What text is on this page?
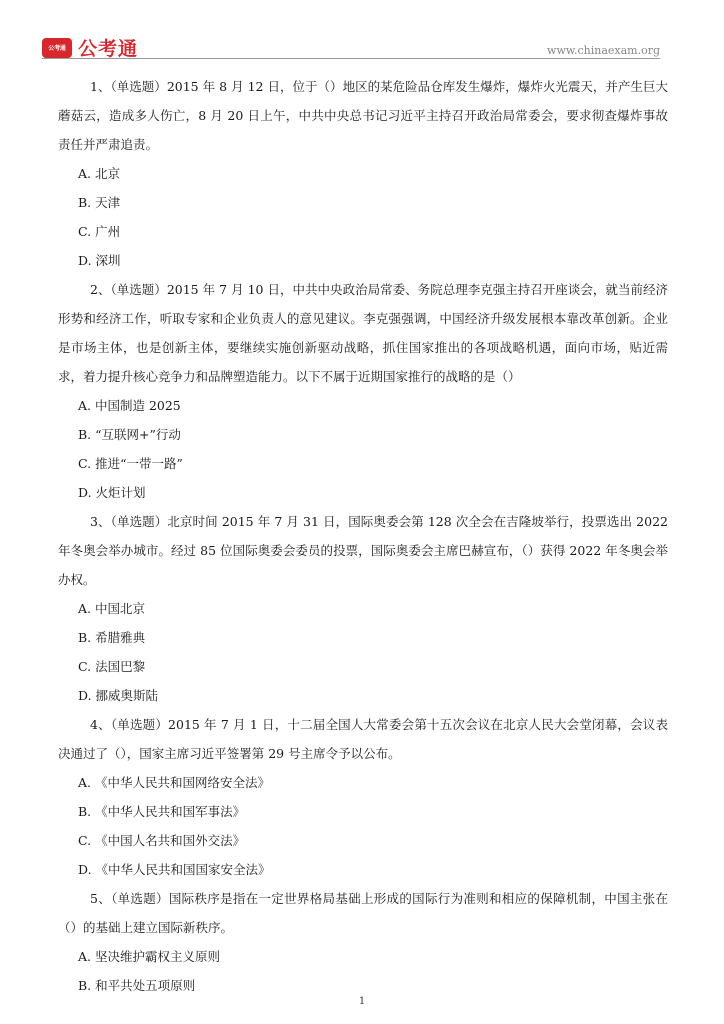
公考通 公考通	www.chinaexam.org

1、（单选题）2015 年 8 月 12 日，位于（）地区的某危险品仓库发生爆炸，爆炸火光震天，并产生巨大蘑菇云，造成多人伤亡，8 月 20 日上午，中共中央总书记习近平主持召开政治局常委会，要求彻查爆炸事故责任并严肃追责。

A. 北京

B. 天津

C. 广州

D. 深圳

2、（单选题）2015 年 7 月 10 日，中共中央政治局常委、务院总理李克强主持召开座谈会，就当前经济形势和经济工作，听取专家和企业负责人的意见建议。李克强强调，中国经济升级发展根本靠改革创新。企业是市场主体，也是创新主体，要继续实施创新驱动战略，抓住国家推出的各项战略机遇，面向市场，贴近需求，着力提升核心竞争力和品牌塑造能力。以下不属于近期国家推行的战略的是（）

A. 中国制造 2025

B. “互联网+”行动

C. 推进“一带一路”

D. 火炬计划

3、（单选题）北京时间 2015 年 7 月 31 日，国际奥委会第 128 次全会在吉隆坡举行，投票选出 2022 年冬奥会举办城市。经过 85 位国际奥委会委员的投票，国际奥委会主席巴赫宣布，（）获得 2022 年冬奥会举办权。

A. 中国北京

B. 希腊雅典

C. 法国巴黎

D. 挪威奥斯陆

4、（单选题）2015 年 7 月 1 日，十二届全国人大常委会第十五次会议在北京人民大会堂闭幕，会议表决通过了（），国家主席习近平签署第 29 号主席令予以公布。

A. 《中华人民共和国网络安全法》

B. 《中华人民共和国军事法》

C. 《中国人名共和国外交法》

D. 《中华人民共和国国家安全法》

5、（单选题）国际秩序是指在一定世界格局基础上形成的国际行为准则和相应的保障机制，中国主张在（）的基础上建立国际新秩序。

A. 坚决维护霸权主义原则

B. 和平共处五项原则

1
